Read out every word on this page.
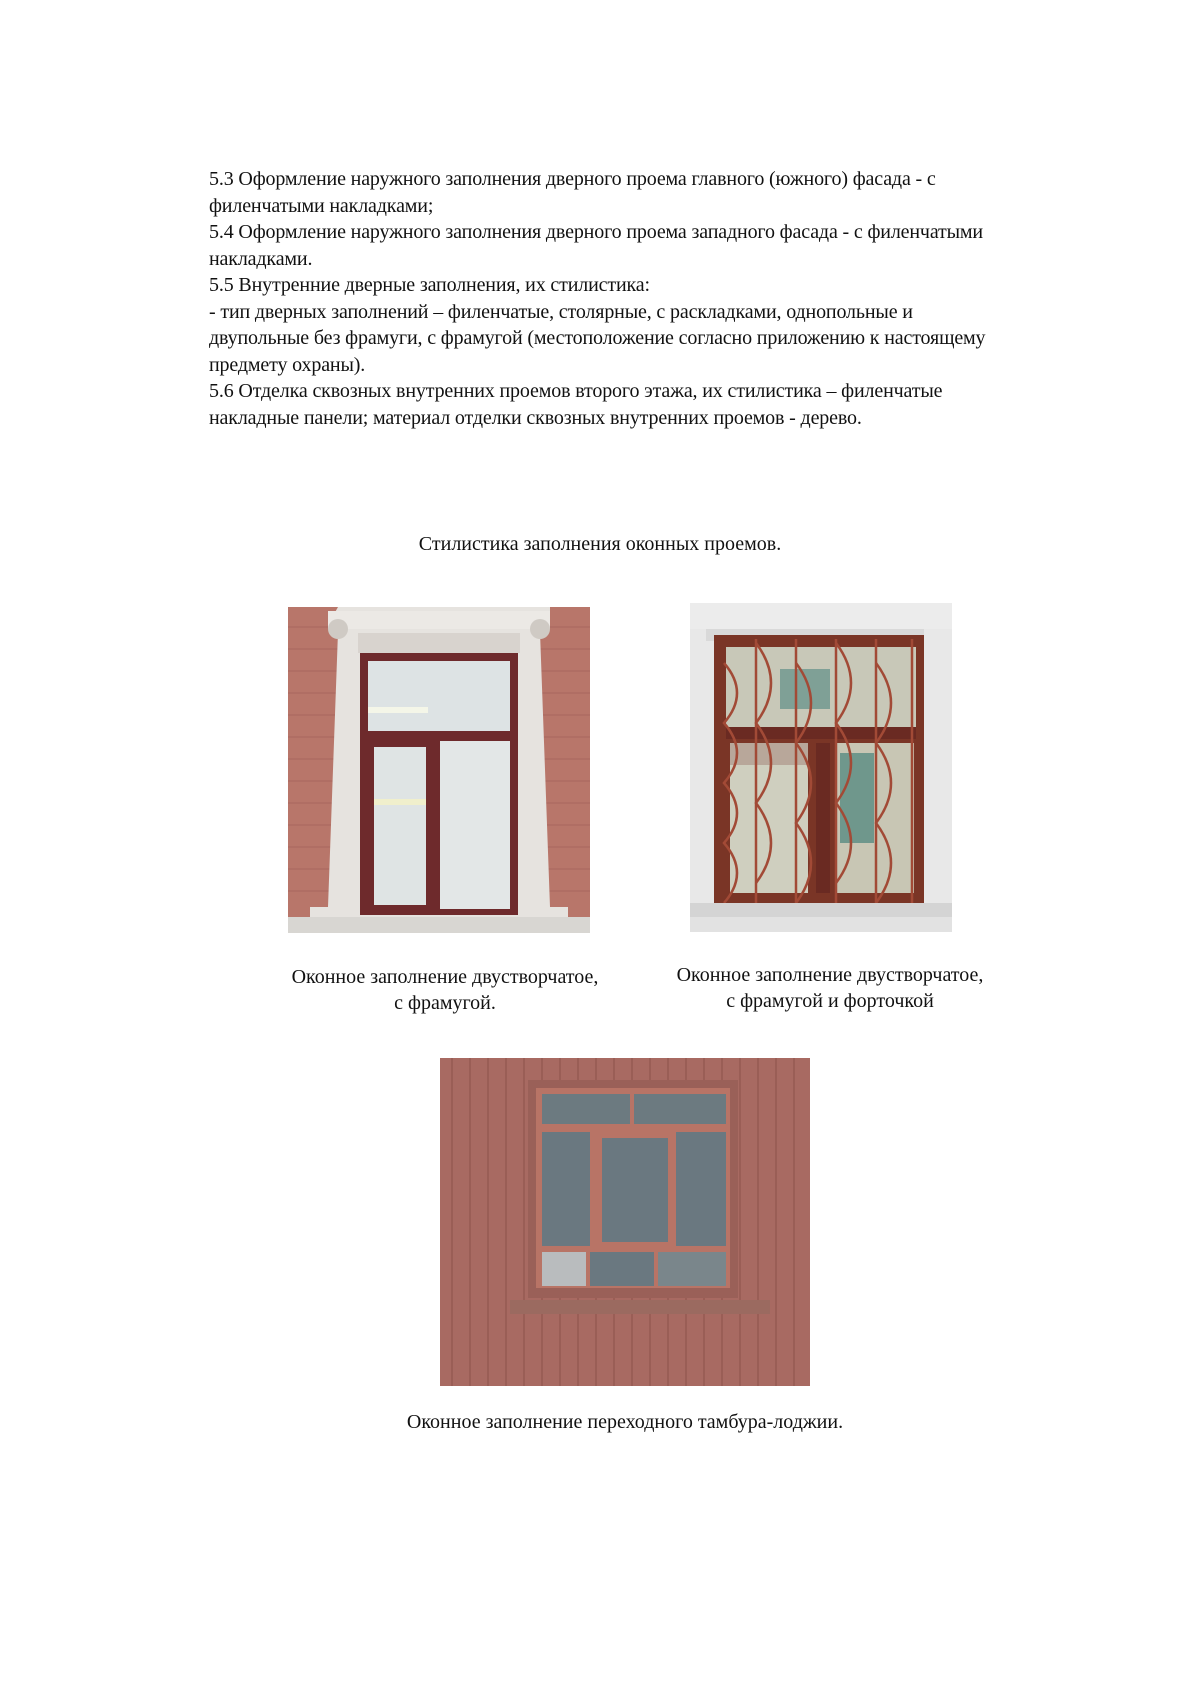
5.3 Оформление наружного заполнения дверного проема главного (южного) фасада - с

филенчатыми накладками;

5.4 Оформление наружного заполнения дверного проема западного фасада - с филенчатыми

накладками.

5.5 Внутренние дверные заполнения, их стилистика:

- тип дверных заполнений – филенчатые, столярные, с раскладками, однопольные и

двупольные без фрамуги, с фрамугой (местоположение согласно приложению к настоящему

предмету охраны).

5.6 Отделка сквозных внутренних проемов второго этажа, их стилистика – филенчатые

накладные панели; материал отделки сквозных внутренних проемов - дерево.

Стилистика заполнения оконных проемов.

Оконное заполнение двустворчатое,

с фрамугой.

Оконное заполнение двустворчатое,

с фрамугой и форточкой

Оконное заполнение переходного тамбура-лоджии.
